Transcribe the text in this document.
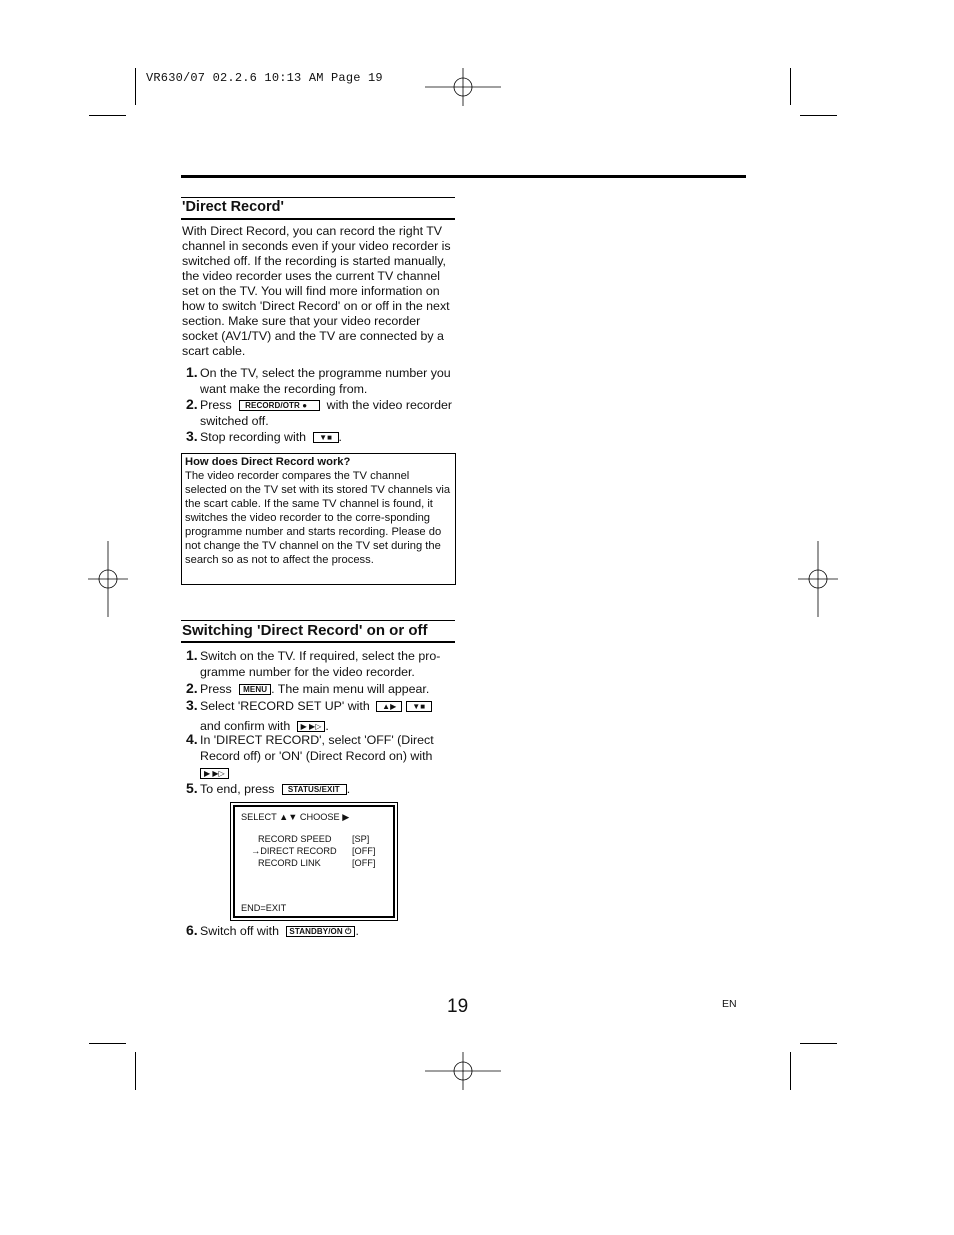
VR630/07 02.2.6 10:13 AM Page 19
'Direct Record'

With Direct Record, you can record the right TV channel in seconds even if your video recorder is switched off. If the recording is started manually, the video recorder uses the current TV channel set on the TV. You will find more information on how to switch 'Direct Record' on or off in the next section. Make sure that your video recorder socket (AV1/TV) and the TV are connected by a scart cable.

1. On the TV, select the programme number you want make the recording from.
2. Press RECORD/OTR ● with the video recorder switched off.
3. Stop recording with ▼■ .
How does Direct Record work?
The video recorder compares the TV channel selected on the TV set with its stored TV channels via the scart cable. If the same TV channel is found, it switches the video recorder to the corre-sponding programme number and starts recording. Please do not change the TV channel on the TV set during the search so as not to affect the process.
Switching 'Direct Record' on or off
1. Switch on the TV. If required, select the pro-gramme number for the video recorder.
2. Press MENU . The main menu will appear.
3. Select 'RECORD SET UP' with ▲▶ ▼■
and confirm with ▶ ▶▷ .
4. In 'DIRECT RECORD', select 'OFF' (Direct Record off) or 'ON' (Direct Record on) with
▶ ▶▷
5. To end, press STATUS/EXIT .
SELECT ▲▼ CHOOSE ▶
RECORD SPEED [SP]
→DIRECT RECORD [OFF]
RECORD LINK	[OFF]
END=EXIT
6. Switch off with STANDBY/ON ⏻ .
19	EN
